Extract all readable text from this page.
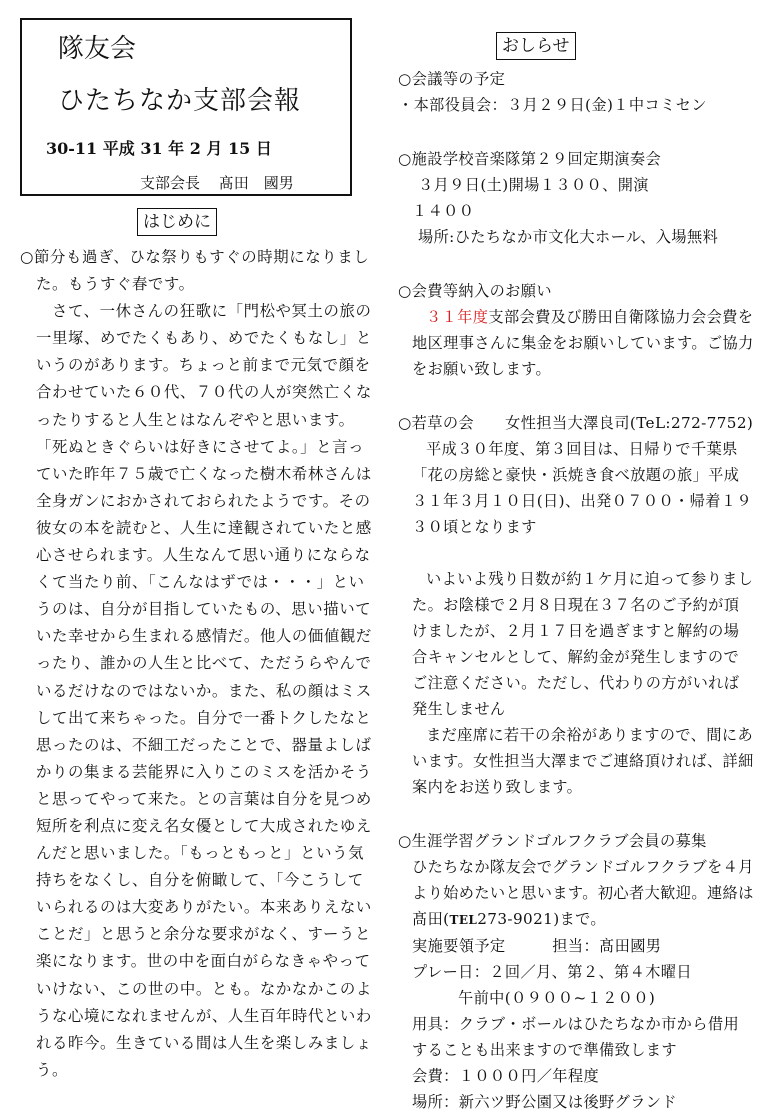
隊友会
ひたちなか支部会報
30-11 平成 31 年 2 月 15 日
支部会長 髙田　國男
はじめに

○節分も過ぎ、ひな祭りもすぐの時期になりました。もうすぐ春です。

さて、一休さんの狂歌に「門松や冥土の旅の一里塚、めでたくもあり、めでたくもなし」というのがあります。ちょっと前まで元気で顔を合わせていた６０代、７０代の人が突然亡くなったりすると人生とはなんぞやと思います。「死ぬときぐらいは好きにさせてよ。」と言っていた昨年７５歳で亡くなった樹木希林さんは全身ガンにおかされておられたようです。その彼女の本を読むと、人生に達観されていたと感心させられます。人生なんて思い通りにならなくて当たり前、「こんなはずでは・・・」というのは、自分が目指していたもの、思い描いていた幸せから生まれる感情だ。他人の価値観だったり、誰かの人生と比べて、ただうらやんでいるだけなのではないか。また、私の顔はミスして出て来ちゃった。自分で一番トクしたなと思ったのは、不細工だったことで、器量よしばかりの集まる芸能界に入りこのミスを活かそうと思ってやって来た。との言葉は自分を見つめ短所を利点に変え名女優として大成されたゆえんだと思いました。「もっともっと」という気持ちをなくし、自分を俯瞰して、「今こうしていられるのは大変ありがたい。本来ありえないことだ」と思うと余分な要求がなく、すーうと楽になります。世の中を面白がらなきゃやっていけない、この世の中。とも。なかなかこのような心境になれませんが、人生百年時代といわれる昨今。生きている間は人生を楽しみましょう。

おしらせ
○会議等の予定
・本部役員会：３月２９日(金)１中コミセン
○施設学校音楽隊第２９回定期演奏会
３月９日(土)開場１３００、開演
１４００
場所:ひたちなか市文化大ホール、入場無料
○会費等納入のお願い
３１年度支部会費及び勝田自衛隊協力会会費を地区理事さんに集金をお願いしています。ご協力をお願い致します。
○若草の会　　女性担当大澤良司(TeL:272-7752)
平成３０年度、第３回目は、日帰りで千葉県「花の房総と豪快・浜焼き食べ放題の旅」平成３１年３月１０日(日)、出発０７００・帰着１９３０頃となります
いよいよ残り日数が約１ケ月に迫って参りました。お陰様で２月８日現在３７名のご予約が頂けましたが、２月１７日を過ぎますと解約の場合キャンセルとして、解約金が発生しますのでご注意ください。ただし、代わりの方がいれば発生しません
まだ座席に若干の余裕がありますので、間にあいます。女性担当大澤までご連絡頂ければ、詳細案内をお送り致します。
○生涯学習グランドゴルフクラブ会員の募集
ひたちなか隊友会でグランドゴルフクラブを４月より始めたいと思います。初心者大歓迎。連絡は髙田(TEL273-9021)まで。
実施要領予定　　　担当：髙田國男
プレー日：２回／月、第２、第４木曜日
午前中(０９００~１２００)
用具：クラブ・ボールはひたちなか市から借用することも出来ますので準備致します
会費：１０００円／年程度
場所：新六ツ野公園又は後野グランド
